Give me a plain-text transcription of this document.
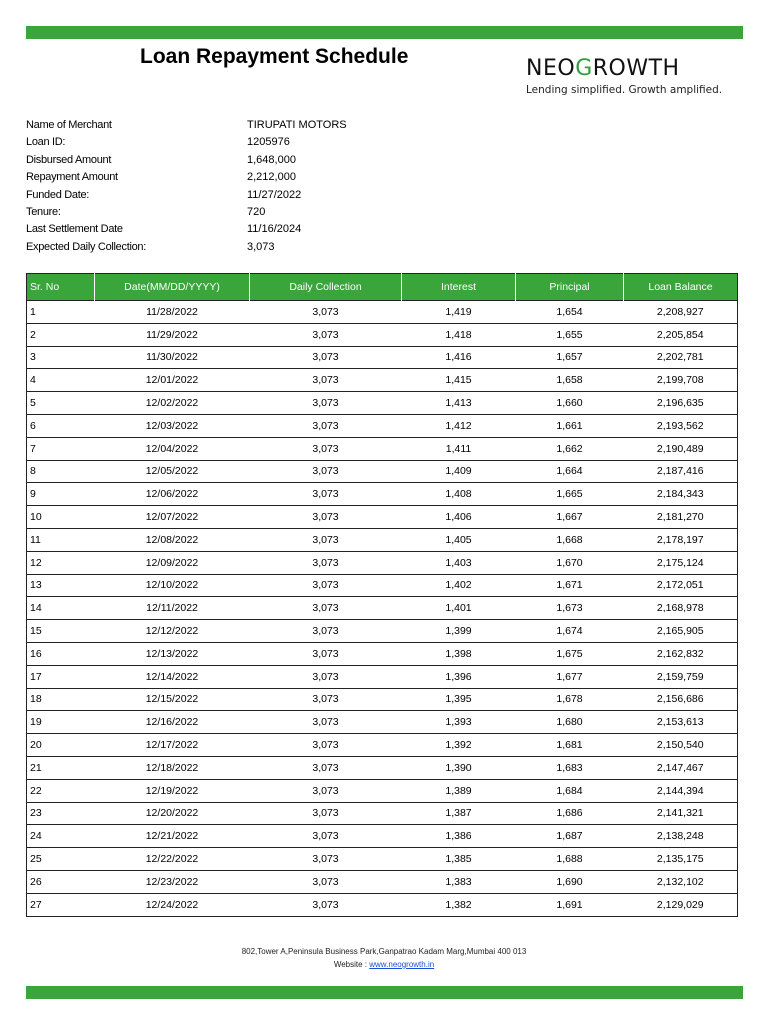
Loan Repayment Schedule	NEOGROWTH
Lending simplified. Growth amplified.
Name of Merchant	TIRUPATI MOTORS
Loan ID:	1205976
Disbursed Amount	1,648,000
Repayment Amount	2,212,000
Funded Date:	11/27/2022
Tenure:	720
Last Settlement Date	11/16/2024
Expected Daily Collection:	3,073
Sr. No	Date(MM/DD/YYYY)	Daily Collection	Interest	Principal	Loan Balance
1	11/28/2022	3,073	1,419	1,654	2,208,927
2	11/29/2022	3,073	1,418	1,655	2,205,854
3	11/30/2022	3,073	1,416	1,657	2,202,781
4	12/01/2022	3,073	1,415	1,658	2,199,708
5	12/02/2022	3,073	1,413	1,660	2,196,635
6	12/03/2022	3,073	1,412	1,661	2,193,562
7	12/04/2022	3,073	1,411	1,662	2,190,489
8	12/05/2022	3,073	1,409	1,664	2,187,416
9	12/06/2022	3,073	1,408	1,665	2,184,343
10	12/07/2022	3,073	1,406	1,667	2,181,270
11	12/08/2022	3,073	1,405	1,668	2,178,197
12	12/09/2022	3,073	1,403	1,670	2,175,124
13	12/10/2022	3,073	1,402	1,671	2,172,051
14	12/11/2022	3,073	1,401	1,673	2,168,978
15	12/12/2022	3,073	1,399	1,674	2,165,905
16	12/13/2022	3,073	1,398	1,675	2,162,832
17	12/14/2022	3,073	1,396	1,677	2,159,759
18	12/15/2022	3,073	1,395	1,678	2,156,686
19	12/16/2022	3,073	1,393	1,680	2,153,613
20	12/17/2022	3,073	1,392	1,681	2,150,540
21	12/18/2022	3,073	1,390	1,683	2,147,467
22	12/19/2022	3,073	1,389	1,684	2,144,394
23	12/20/2022	3,073	1,387	1,686	2,141,321
24	12/21/2022	3,073	1,386	1,687	2,138,248
25	12/22/2022	3,073	1,385	1,688	2,135,175
26	12/23/2022	3,073	1,383	1,690	2,132,102
27	12/24/2022	3,073	1,382	1,691	2,129,029
802,Tower A,Peninsula Business Park,Ganpatrao Kadam Marg,Mumbai 400 013
Website : www.neogrowth.in
